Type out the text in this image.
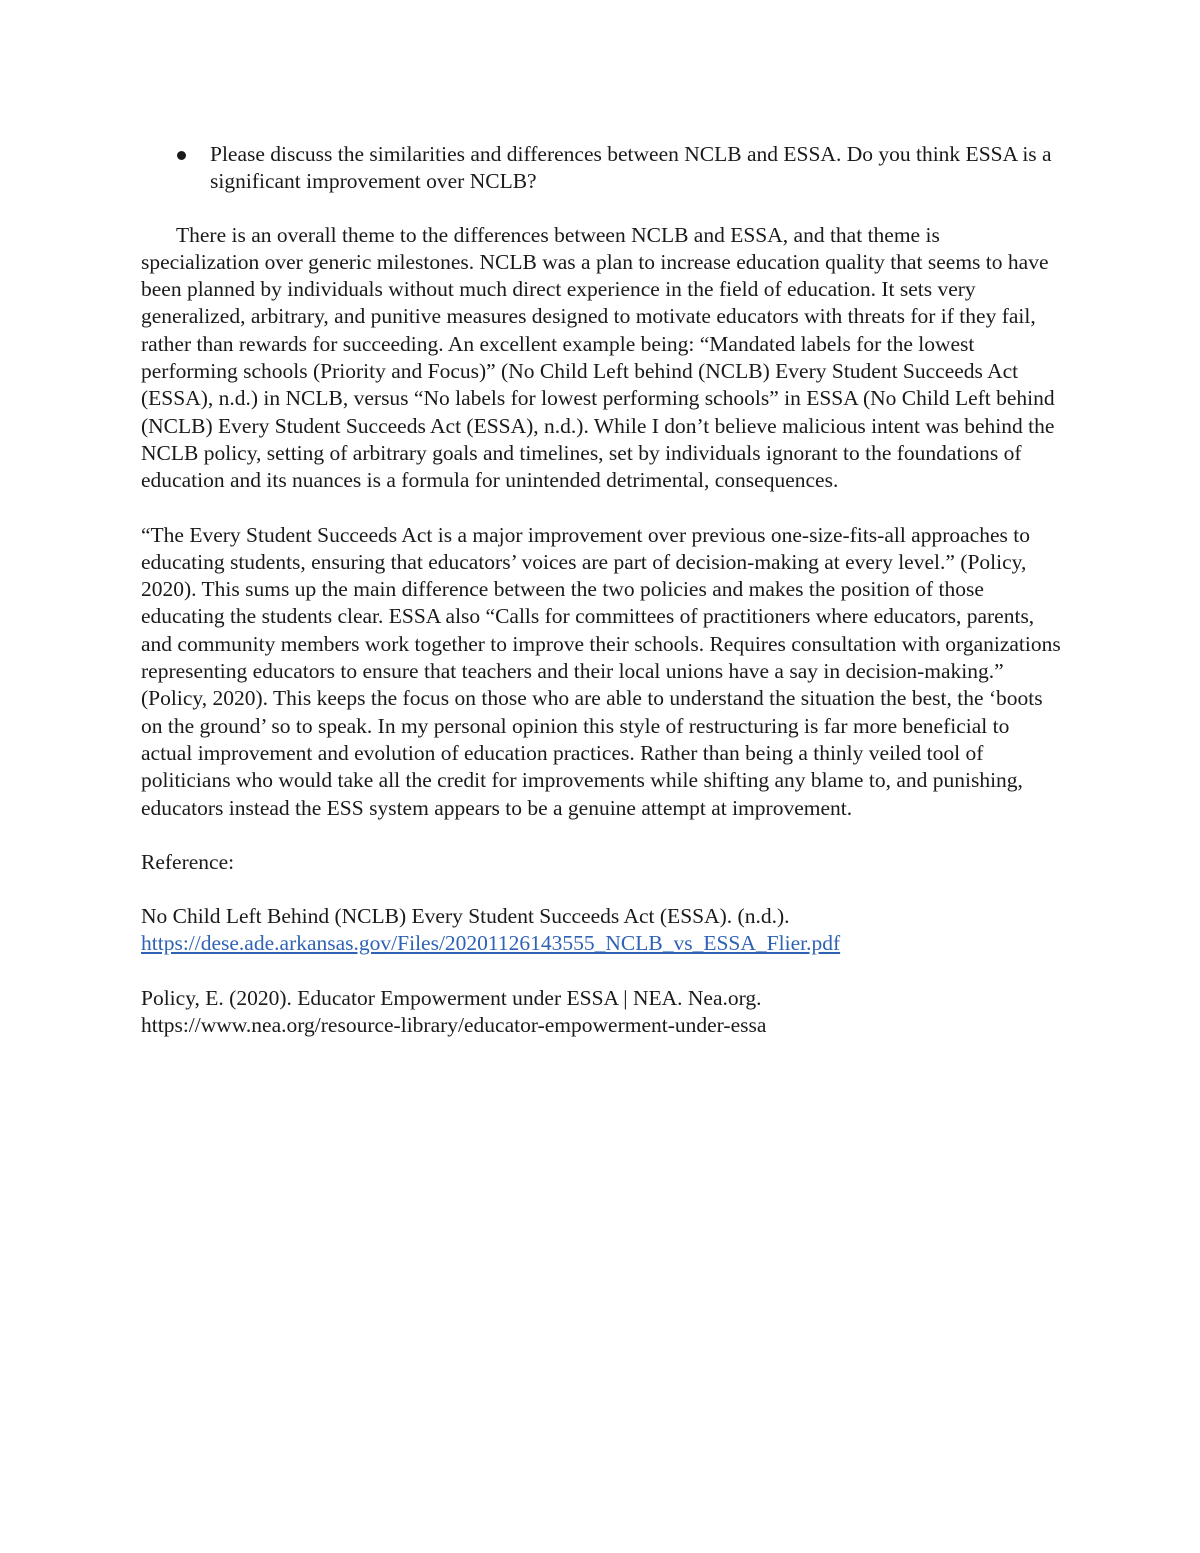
Please discuss the similarities and differences between NCLB and ESSA. Do you think ESSA is a significant improvement over NCLB?

There is an overall theme to the differences between NCLB and ESSA, and that theme is specialization over generic milestones. NCLB was a plan to increase education quality that seems to have been planned by individuals without much direct experience in the field of education. It sets very generalized, arbitrary, and punitive measures designed to motivate educators with threats for if they fail, rather than rewards for succeeding. An excellent example being: “Mandated labels for the lowest performing schools (Priority and Focus)” (No Child Left behind (NCLB) Every Student Succeeds Act (ESSA), n.d.) in NCLB, versus “No labels for lowest performing schools” in ESSA (No Child Left behind (NCLB) Every Student Succeeds Act (ESSA), n.d.). While I don’t believe malicious intent was behind the NCLB policy, setting of arbitrary goals and timelines, set by individuals ignorant to the foundations of education and its nuances is a formula for unintended detrimental, consequences.

“The Every Student Succeeds Act is a major improvement over previous one-size-fits-all approaches to educating students, ensuring that educators’ voices are part of decision-making at every level.” (Policy, 2020). This sums up the main difference between the two policies and makes the position of those educating the students clear. ESSA also “Calls for committees of practitioners where educators, parents, and community members work together to improve their schools. Requires consultation with organizations representing educators to ensure that teachers and their local unions have a say in decision-making.” (Policy, 2020). This keeps the focus on those who are able to understand the situation the best, the ‘boots on the ground’ so to speak. In my personal opinion this style of restructuring is far more beneficial to actual improvement and evolution of education practices. Rather than being a thinly veiled tool of politicians who would take all the credit for improvements while shifting any blame to, and punishing, educators instead the ESS system appears to be a genuine attempt at improvement.

Reference:

No Child Left Behind (NCLB) Every Student Succeeds Act (ESSA). (n.d.).
https://dese.ade.arkansas.gov/Files/20201126143555_NCLB_vs_ESSA_Flier.pdf
Policy, E. (2020). Educator Empowerment under ESSA | NEA. Nea.org.
https://www.nea.org/resource-library/educator-empowerment-under-essa
